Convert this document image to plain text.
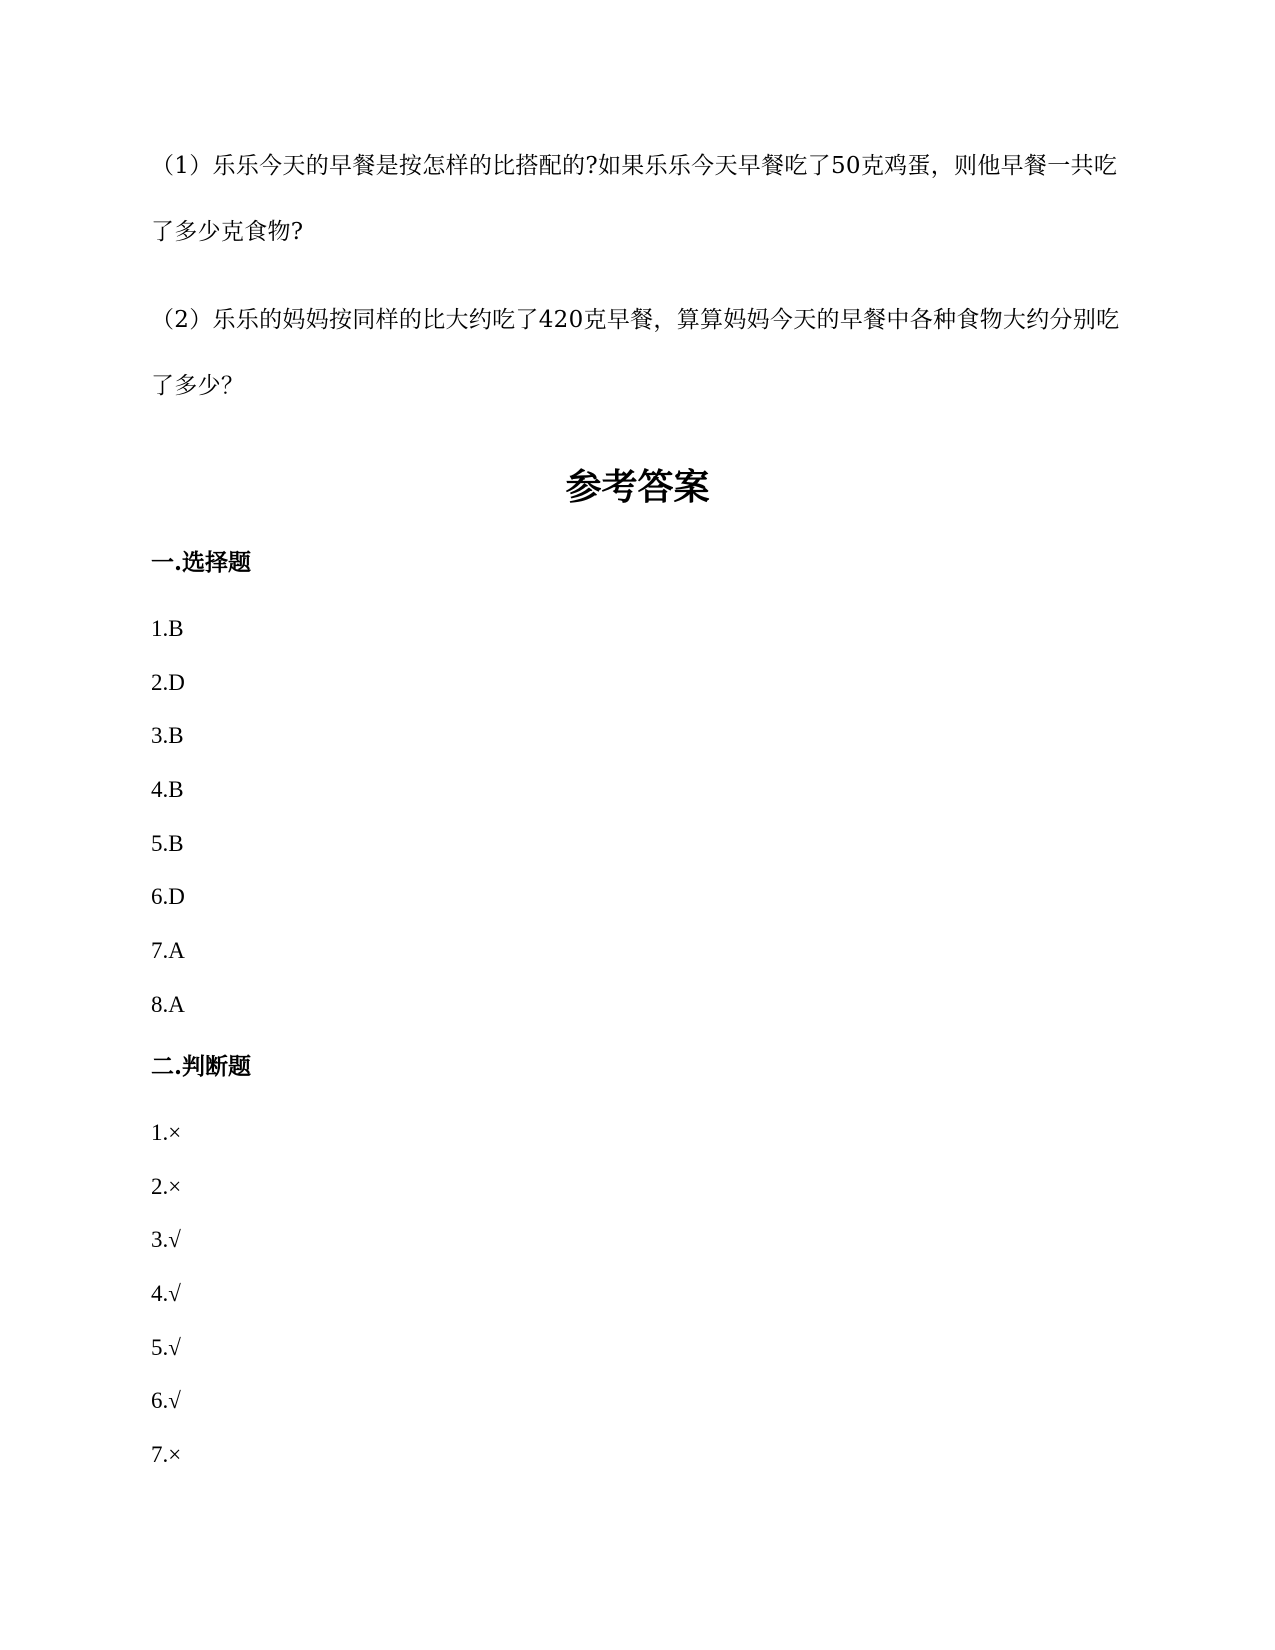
（1）乐乐今天的早餐是按怎样的比搭配的?如果乐乐今天早餐吃了50克鸡蛋，则他早餐一共吃了多少克食物?

（2）乐乐的妈妈按同样的比大约吃了420克早餐，算算妈妈今天的早餐中各种食物大约分别吃了多少？

参考答案
一.选择题
1.B
2.D
3.B
4.B
5.B
6.D
7.A
8.A
二.判断题
1.×
2.×
3.√
4.√
5.√
6.√
7.×
